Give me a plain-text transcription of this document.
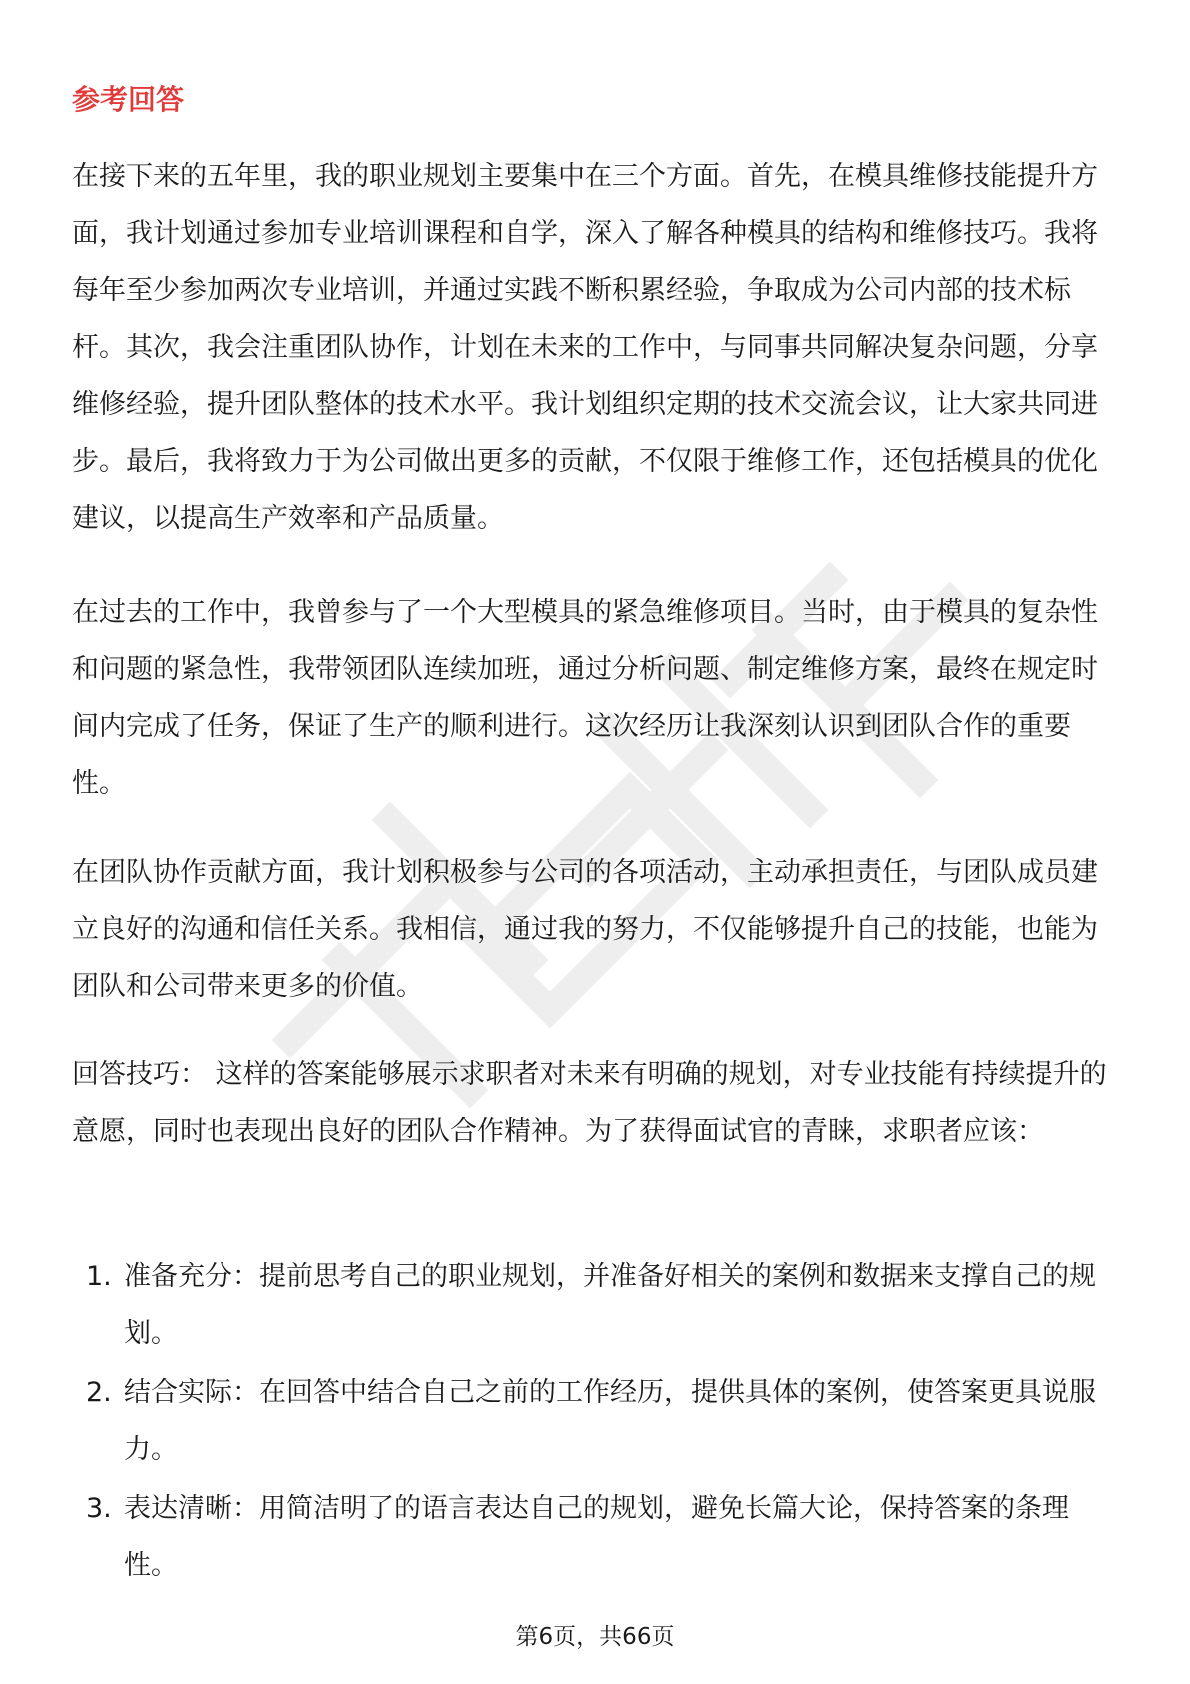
参考回答

在接下来的五年里，我的职业规划主要集中在三个方面。首先，在模具维修技能提升方面，我计划通过参加专业培训课程和自学，深入了解各种模具的结构和维修技巧。我将每年至少参加两次专业培训，并通过实践不断积累经验，争取成为公司内部的技术标杆。其次，我会注重团队协作，计划在未来的工作中，与同事共同解决复杂问题，分享维修经验，提升团队整体的技术水平。我计划组织定期的技术交流会议，让大家共同进步。最后，我将致力于为公司做出更多的贡献，不仅限于维修工作，还包括模具的优化建议，以提高生产效率和产品质量。

在过去的工作中，我曾参与了一个大型模具的紧急维修项目。当时，由于模具的复杂性和问题的紧急性，我带领团队连续加班，通过分析问题、制定维修方案，最终在规定时间内完成了任务，保证了生产的顺利进行。这次经历让我深刻认识到团队合作的重要性。

在团队协作贡献方面，我计划积极参与公司的各项活动，主动承担责任，与团队成员建立良好的沟通和信任关系。我相信，通过我的努力，不仅能够提升自己的技能，也能为团队和公司带来更多的价值。

回答技巧： 这样的答案能够展示求职者对未来有明确的规划，对专业技能有持续提升的意愿，同时也表现出良好的团队合作精神。为了获得面试官的青睐，求职者应该：

1. 准备充分：提前思考自己的职业规划，并准备好相关的案例和数据来支撑自己的规划。
2. 结合实际：在回答中结合自己之前的工作经历，提供具体的案例，使答案更具说服力。
3. 表达清晰：用简洁明了的语言表达自己的规划，避免长篇大论，保持答案的条理性。
第6页，共66页
